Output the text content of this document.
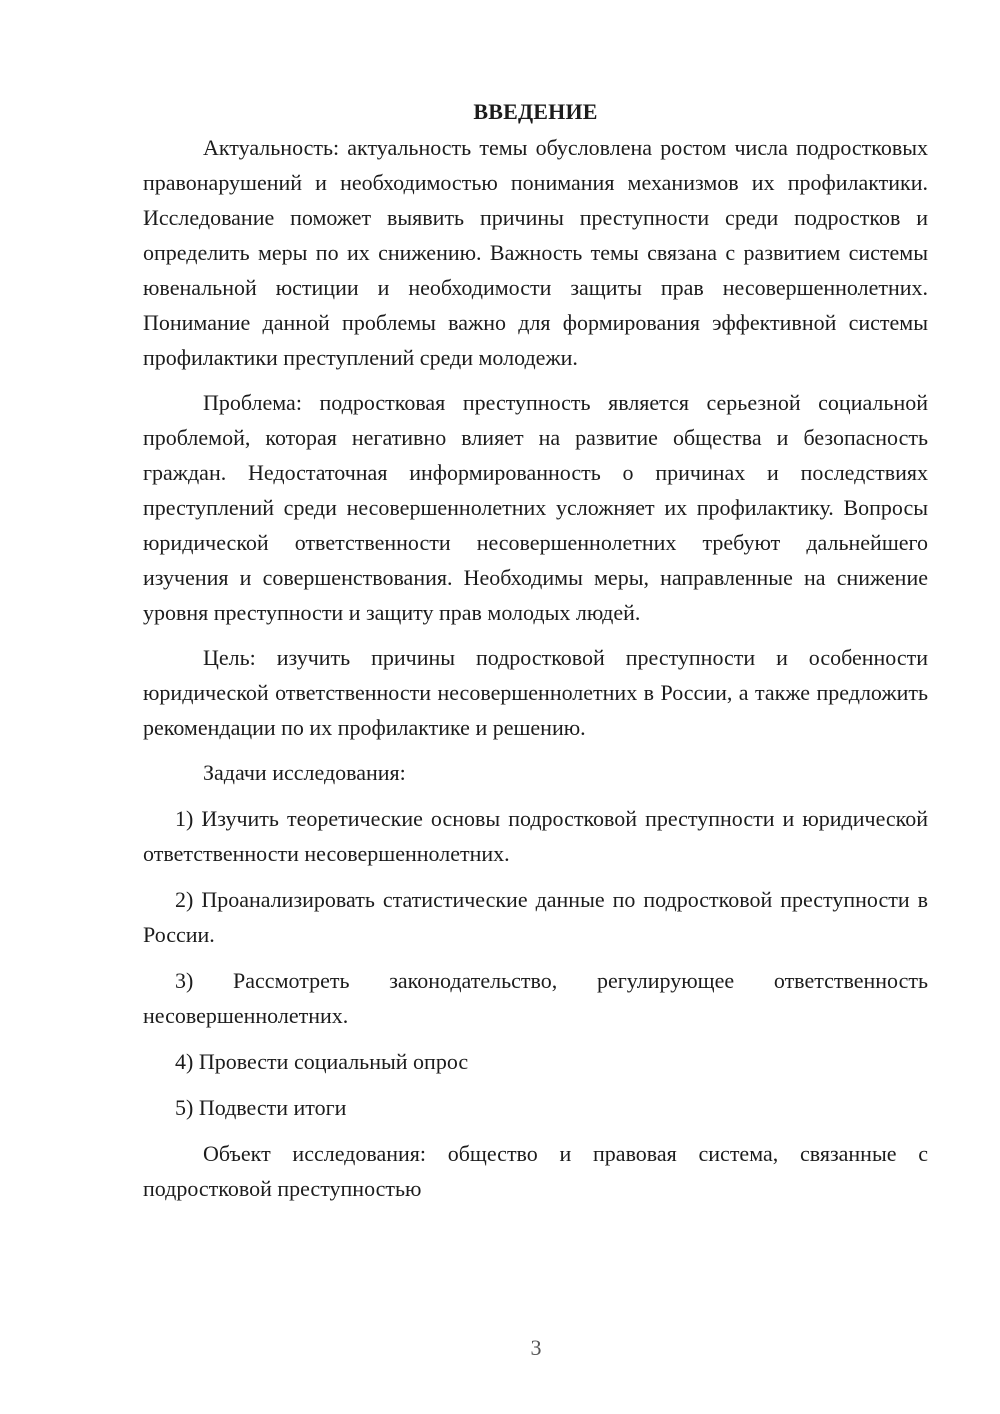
ВВЕДЕНИЕ

Актуальность: актуальность темы обусловлена ростом числа подростковых правонарушений и необходимостью понимания механизмов их профилактики. Исследование поможет выявить причины преступности среди подростков и определить меры по их снижению. Важность темы связана с развитием системы ювенальной юстиции и необходимости защиты прав несовершеннолетних. Понимание данной проблемы важно для формирования эффективной системы профилактики преступлений среди молодежи.

Проблема: подростковая преступность является серьезной социальной проблемой, которая негативно влияет на развитие общества и безопасность граждан. Недостаточная информированность о причинах и последствиях преступлений среди несовершеннолетних усложняет их профилактику. Вопросы юридической ответственности несовершеннолетних требуют дальнейшего изучения и совершенствования. Необходимы меры, направленные на снижение уровня преступности и защиту прав молодых людей.

Цель: изучить причины подростковой преступности и особенности юридической ответственности несовершеннолетних в России, а также предложить рекомендации по их профилактике и решению.

Задачи исследования:

1) Изучить теоретические основы подростковой преступности и юридической ответственности несовершеннолетних.

2) Проанализировать статистические данные по подростковой преступности в России.

3) Рассмотреть законодательство, регулирующее ответственность несовершеннолетних.

4) Провести социальный опрос

5) Подвести итоги

Объект исследования: общество и правовая система, связанные с подростковой преступностью

3
